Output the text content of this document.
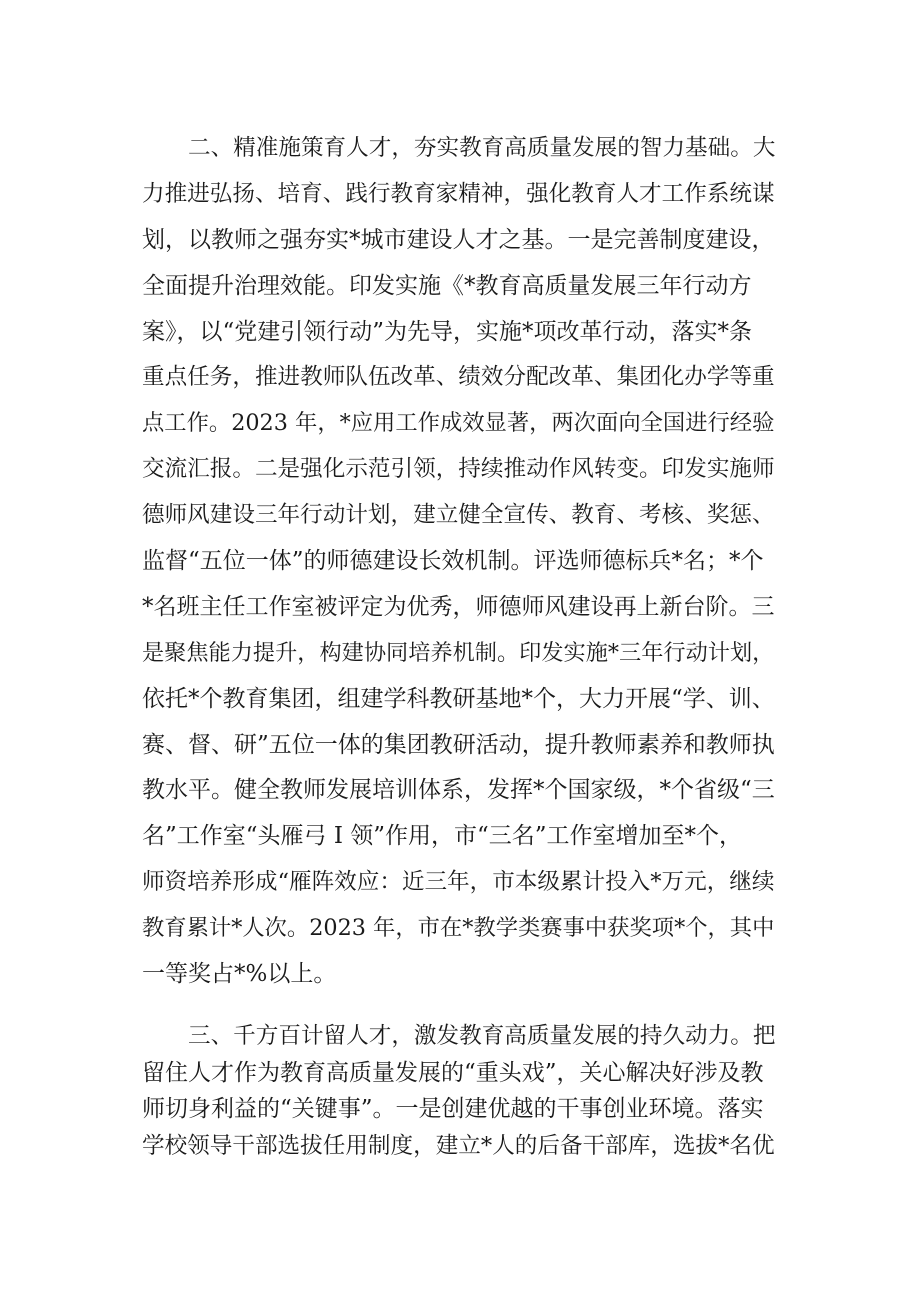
二、精准施策育人才，夯实教育高质量发展的智力基础。大
力推进弘扬、培育、践行教育家精神，强化教育人才工作系统谋
划，以教师之强夯实*城市建设人才之基。一是完善制度建设，
全面提升治理效能。印发实施《*教育高质量发展三年行动方
案》，以“党建引领行动”为先导，实施*项改革行动，落实*条
重点任务，推进教师队伍改革、绩效分配改革、集团化办学等重
点工作。2023 年，*应用工作成效显著，两次面向全国进行经验
交流汇报。二是强化示范引领，持续推动作风转变。印发实施师
德师风建设三年行动计划，建立健全宣传、教育、考核、奖惩、
监督“五位一体”的师德建设长效机制。评选师德标兵*名；*个
*名班主任工作室被评定为优秀，师德师风建设再上新台阶。三
是聚焦能力提升，构建协同培养机制。印发实施*三年行动计划，
依托*个教育集团，组建学科教研基地*个，大力开展“学、训、
赛、督、研”五位一体的集团教研活动，提升教师素养和教师执
教水平。健全教师发展培训体系，发挥*个国家级，*个省级“三
名”工作室“头雁弓 I 领”作用，市“三名”工作室增加至*个，
师资培养形成“雁阵效应：近三年，市本级累计投入*万元，继续
教育累计*人次。2023 年，市在*教学类赛事中获奖项*个，其中
一等奖占*%以上。
三、千方百计留人才，激发教育高质量发展的持久动力。把
留住人才作为教育高质量发展的“重头戏”，关心解决好涉及教
师切身利益的“关键事”。一是创建优越的干事创业环境。落实
学校领导干部选拔任用制度，建立*人的后备干部库，选拔*名优
